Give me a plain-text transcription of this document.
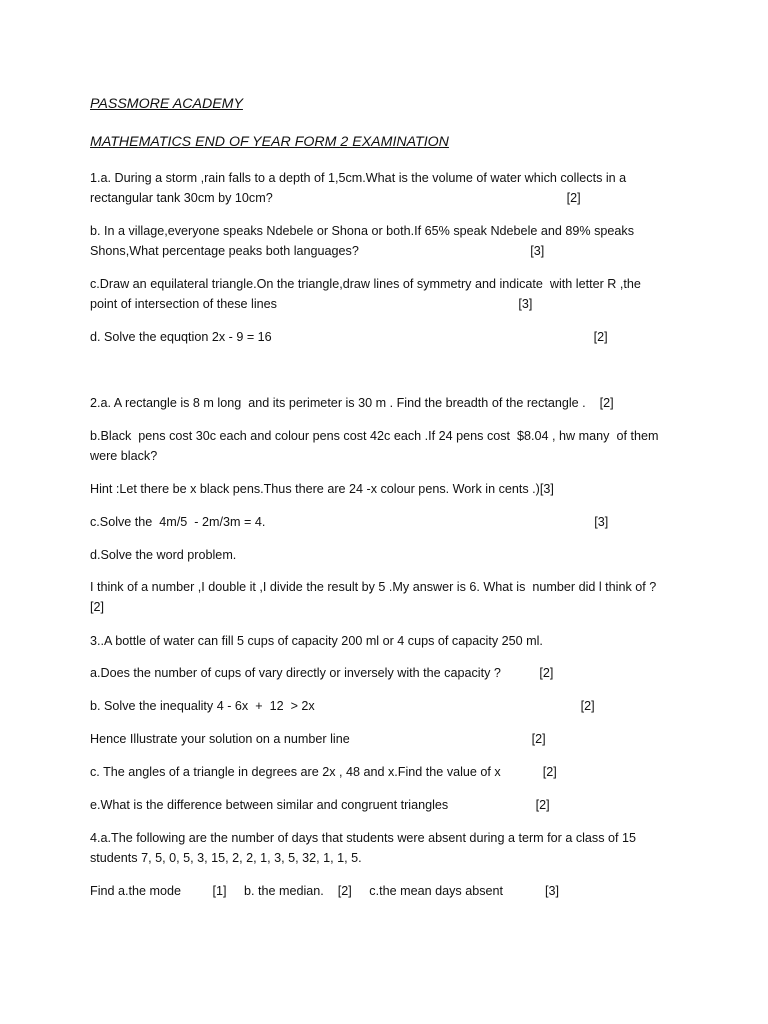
PASSMORE ACADEMY
MATHEMATICS END OF YEAR FORM 2 EXAMINATION
1.a. During a storm ,rain falls to a depth of 1,5cm.What is the volume of water which collects in a
rectangular tank 30cm by 10cm?                                                                                    [2]
b. In a village,everyone speaks Ndebele or Shona or both.If 65% speak Ndebele and 89% speaks
Shons,What percentage peaks both languages?                                                 [3]
c.Draw an equilateral triangle.On the triangle,draw lines of symmetry and indicate  with letter R ,the
point of intersection of these lines                                                                     [3]
d. Solve the equqtion 2x - 9 = 16                                                                                            [2]
2.a. A rectangle is 8 m long  and its perimeter is 30 m . Find the breadth of the rectangle .    [2]
b.Black  pens cost 30c each and colour pens cost 42c each .If 24 pens cost  $8.04 , hw many  of them
were black?
Hint :Let there be x black pens.Thus there are 24 -x colour pens. Work in cents .)[3]
c.Solve the  4m/5  - 2m/3m = 4.                                                                                              [3]
d.Solve the word problem.
I think of a number ,I double it ,I divide the result by 5 .My answer is 6. What is  number did l think of ?
[2]
3..A bottle of water can fill 5 cups of capacity 200 ml or 4 cups of capacity 250 ml.
a.Does the number of cups of vary directly or inversely with the capacity ?           [2]
b. Solve the inequality 4 - 6x  +  12  > 2x                                                                            [2]
Hence Illustrate your solution on a number line                                                    [2]
c. The angles of a triangle in degrees are 2x , 48 and x.Find the value of x            [2]
e.What is the difference between similar and congruent triangles                         [2]
4.a.The following are the number of days that students were absent during a term for a class of 15
students 7, 5, 0, 5, 3, 15, 2, 2, 1, 3, 5, 32, 1, 1, 5.
Find a.the mode         [1]     b. the median.    [2]     c.the mean days absent            [3]
